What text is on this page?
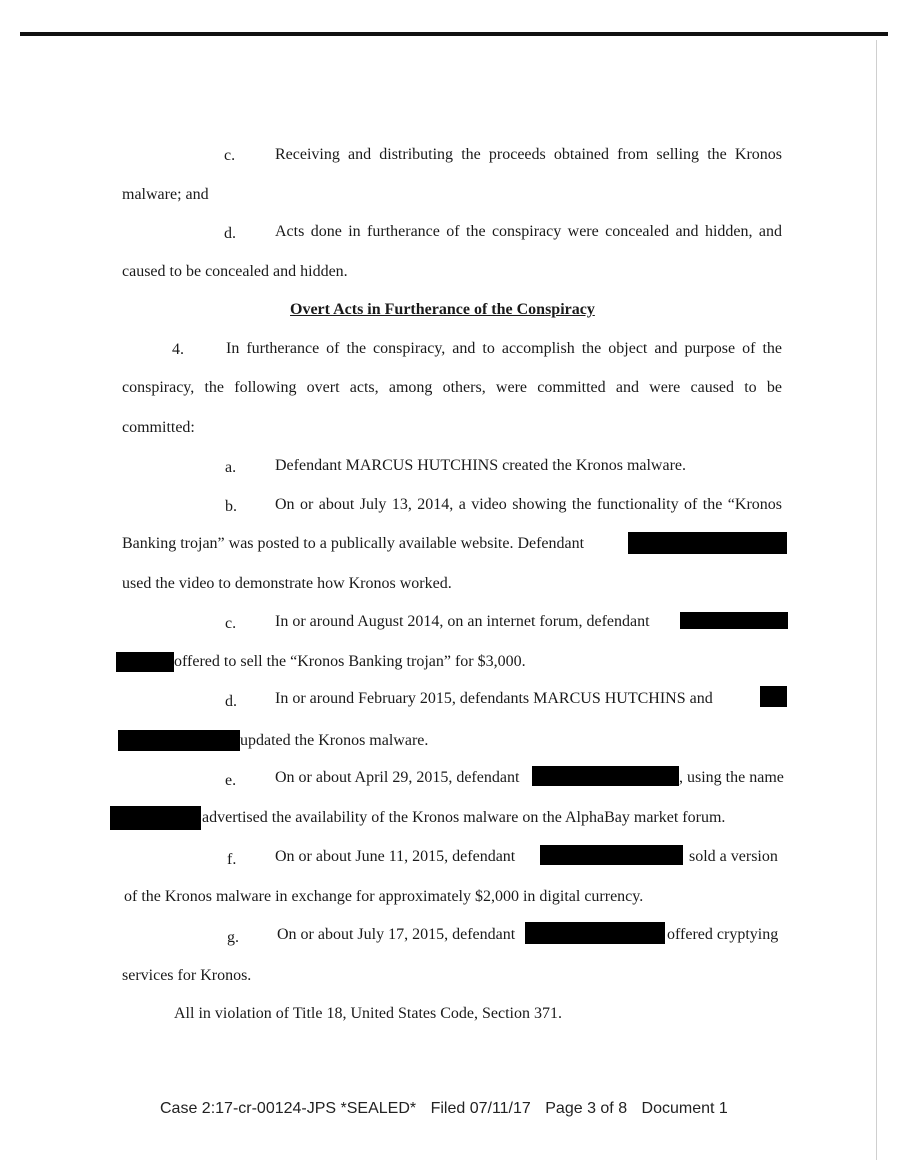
c. Receiving and distributing the proceeds obtained from selling the Kronos
malware; and
d. Acts done in furtherance of the conspiracy were concealed and hidden, and
caused to be concealed and hidden.
Overt Acts in Furtherance of the Conspiracy
4.	In furtherance of the conspiracy, and to accomplish the object and purpose of the
conspiracy, the following overt acts, among others, were committed and were caused to be
committed:
a. Defendant MARCUS HUTCHINS created the Kronos malware.
b. On or about July 13, 2014, a video showing the functionality of the “Kronos
Banking trojan” was posted to a publically available website. Defendant
used the video to demonstrate how Kronos worked.
c. In or around August 2014, on an internet forum, defendant
offered to sell the “Kronos Banking trojan” for $3,000.
d. In or around February 2015, defendants MARCUS HUTCHINS and
updated the Kronos malware.
e. On or about April 29, 2015, defendant	, using the name
advertised the availability of the Kronos malware on the AlphaBay market forum.
f. On or about June 11, 2015, defendant	sold a version
of the Kronos malware in exchange for approximately $2,000 in digital currency.
g. On or about July 17, 2015, defendant	offered cryptying
services for Kronos.
All in violation of Title 18, United States Code, Section 371.
Case 2:17-cr-00124-JPS *SEALED* Filed 07/11/17 Page 3 of 8 Document 1
